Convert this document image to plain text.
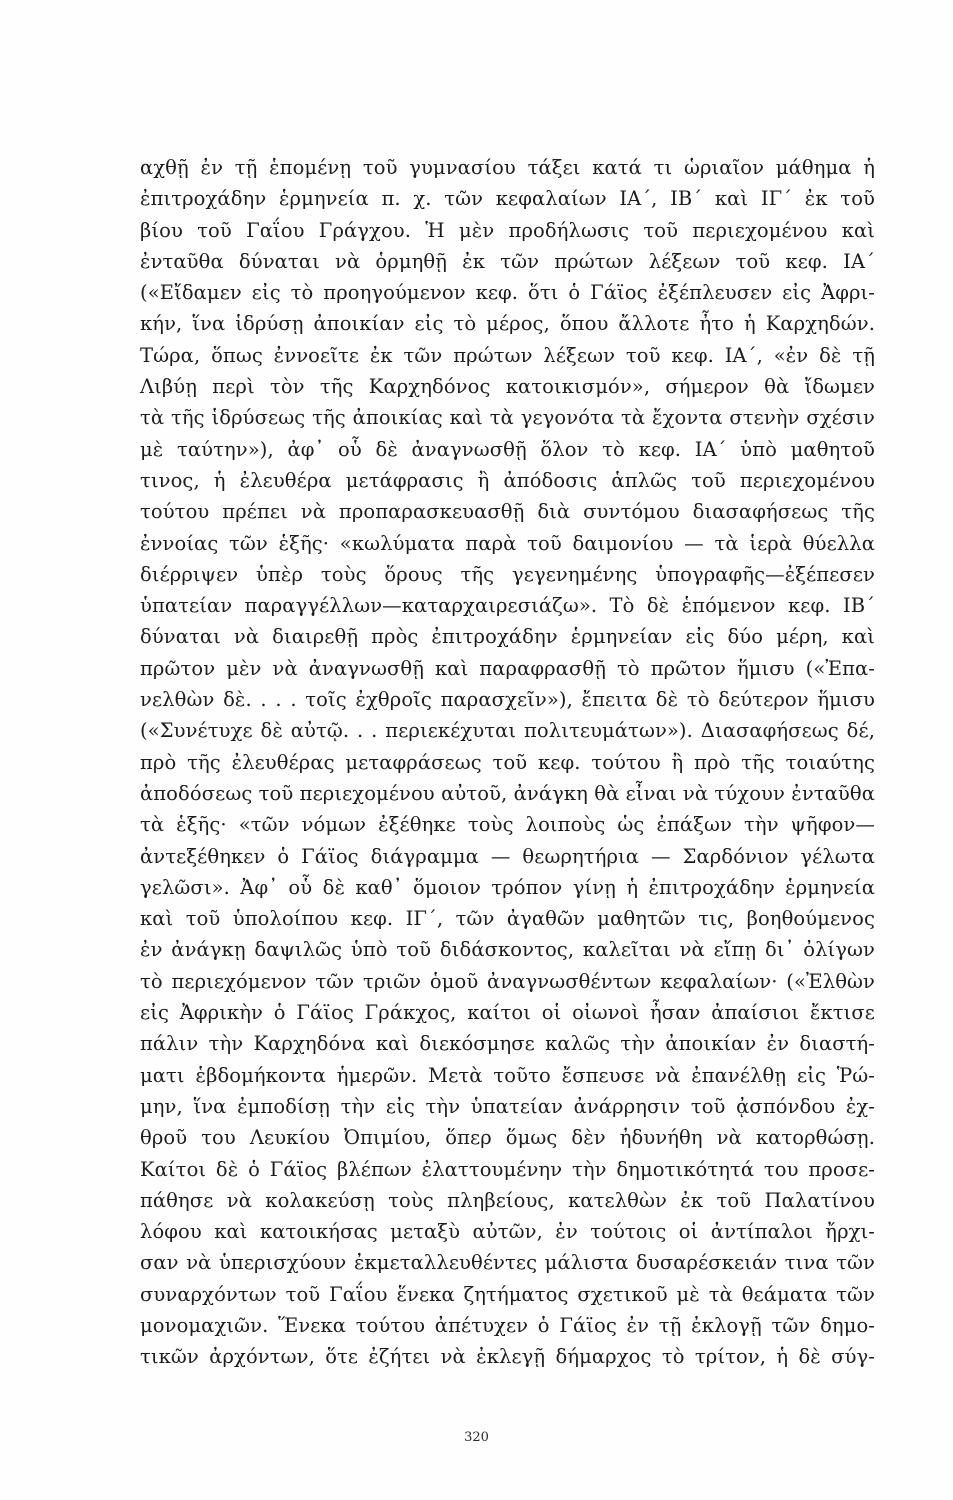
αχθῇ ἐν τῇ ἑπομένῃ τοῦ γυμνασίου τάξει κατά τι ὡριαῖον μάθημα ἡ
ἐπιτροχάδην ἑρμηνεία π. χ. τῶν κεφαλαίων ΙΑ΄, ΙΒ΄ καὶ ΙΓ΄ ἐκ τοῦ
βίου τοῦ Γαΐου Γράγχου. Ἡ μὲν προδήλωσις τοῦ περιεχομένου καὶ
ἐνταῦθα δύναται νὰ ὁρμηθῇ ἐκ τῶν πρώτων λέξεων τοῦ κεφ. ΙΑ΄
(«Εἴδαμεν εἰς τὸ προηγούμενον κεφ. ὅτι ὁ Γάϊος ἐξέπλευσεν εἰς Ἀφρι-
κήν, ἵνα ἱδρύσῃ ἀποικίαν εἰς τὸ μέρος, ὅπου ἄλλοτε ἦτο ἡ Καρχηδών.
Τώρα, ὅπως ἐννοεῖτε ἐκ τῶν πρώτων λέξεων τοῦ κεφ. ΙΑ΄, «ἐν δὲ τῇ
Λιβύῃ περὶ τὸν τῆς Καρχηδόνος κατοικισμόν», σήμερον θὰ ἴδωμεν
τὰ τῆς ἱδρύσεως τῆς ἀποικίας καὶ τὰ γεγονότα τὰ ἔχοντα στενὴν σχέσιν
μὲ ταύτην»), ἀφ᾽ οὗ δὲ ἀναγνωσθῇ ὅλον τὸ κεφ. ΙΑ΄ ὑπὸ μαθητοῦ
τινος, ἡ ἐλευθέρα μετάφρασις ἢ ἀπόδοσις ἁπλῶς τοῦ περιεχομένου
τούτου πρέπει νὰ προπαρασκευασθῇ διὰ συντόμου διασαφήσεως τῆς
ἐννοίας τῶν ἑξῆς· «κωλύματα παρὰ τοῦ δαιμονίου — τὰ ἱερὰ θύελλα
διέρριψεν ὑπὲρ τοὺς ὅρους τῆς γεγενημένης ὑπογραφῆς—ἐξέπεσεν
ὑπατείαν παραγγέλλων—καταρχαιρεσιάζω». Τὸ δὲ ἑπόμενον κεφ. ΙΒ΄
δύναται νὰ διαιρεθῇ πρὸς ἐπιτροχάδην ἑρμηνείαν εἰς δύο μέρη, καὶ
πρῶτον μὲν νὰ ἀναγνωσθῇ καὶ παραφρασθῇ τὸ πρῶτον ἥμισυ («Ἐπα-
νελθὼν δὲ. . . . τοῖς ἐχθροῖς παρασχεῖν»), ἔπειτα δὲ τὸ δεύτερον ἥμισυ
(«Συνέτυχε δὲ αὐτῷ. . . περιεκέχυται πολιτευμάτων»). Διασαφήσεως δέ,
πρὸ τῆς ἐλευθέρας μεταφράσεως τοῦ κεφ. τούτου ἢ πρὸ τῆς τοιαύτης
ἀποδόσεως τοῦ περιεχομένου αὐτοῦ, ἀνάγκη θὰ εἶναι νὰ τύχουν ἐνταῦθα
τὰ ἑξῆς· «τῶν νόμων ἐξέθηκε τοὺς λοιποὺς ὡς ἐπάξων τὴν ψῆφον—
ἀντεξέθηκεν ὁ Γάϊος διάγραμμα — θεωρητήρια — Σαρδόνιον γέλωτα
γελῶσι». Ἀφ᾽ οὗ δὲ καθ᾽ ὅμοιον τρόπον γίνῃ ἡ ἐπιτροχάδην ἑρμηνεία
καὶ τοῦ ὑπολοίπου κεφ. ΙΓ΄, τῶν ἀγαθῶν μαθητῶν τις, βοηθούμενος
ἐν ἀνάγκῃ δαψιλῶς ὑπὸ τοῦ διδάσκοντος, καλεῖται νὰ εἴπῃ δι᾽ ὀλίγων
τὸ περιεχόμενον τῶν τριῶν ὁμοῦ ἀναγνωσθέντων κεφαλαίων· («Ἐλθὼν
εἰς Ἀφρικὴν ὁ Γάϊος Γράκχος, καίτοι οἱ οἰωνοὶ ἦσαν ἀπαίσιοι ἔκτισε
πάλιν τὴν Καρχηδόνα καὶ διεκόσμησε καλῶς τὴν ἀποικίαν ἐν διαστή-
ματι ἑβδομήκοντα ἡμερῶν. Μετὰ τοῦτο ἔσπευσε νὰ ἐπανέλθῃ εἰς Ῥώ-
μην, ἵνα ἐμποδίσῃ τὴν εἰς τὴν ὑπατείαν ἀνάρρησιν τοῦ ᾀσπόνδου ἐχ-
θροῦ του Λευκίου Ὀπιμίου, ὅπερ ὅμως δὲν ἠδυνήθη νὰ κατορθώσῃ.
Καίτοι δὲ ὁ Γάϊος βλέπων ἐλαττουμένην τὴν δημοτικότητά του προσε-
πάθησε νὰ κολακεύσῃ τοὺς πληβείους, κατελθὼν ἐκ τοῦ Παλατίνου
λόφου καὶ κατοικήσας μεταξὺ αὐτῶν, ἐν τούτοις οἱ ἀντίπαλοι ἤρχι-
σαν νὰ ὑπερισχύουν ἐκμεταλλευθέντες μάλιστα δυσαρέσκειάν τινα τῶν
συναρχόντων τοῦ Γαΐου ἕνεκα ζητήματος σχετικοῦ μὲ τὰ θεάματα τῶν
μονομαχιῶν. Ἕνεκα τούτου ἀπέτυχεν ὁ Γάϊος ἐν τῇ ἐκλογῇ τῶν δημο-
τικῶν ἀρχόντων, ὅτε ἐζήτει νὰ ἐκλεγῇ δήμαρχος τὸ τρίτον, ἡ δὲ σύγ-
320
